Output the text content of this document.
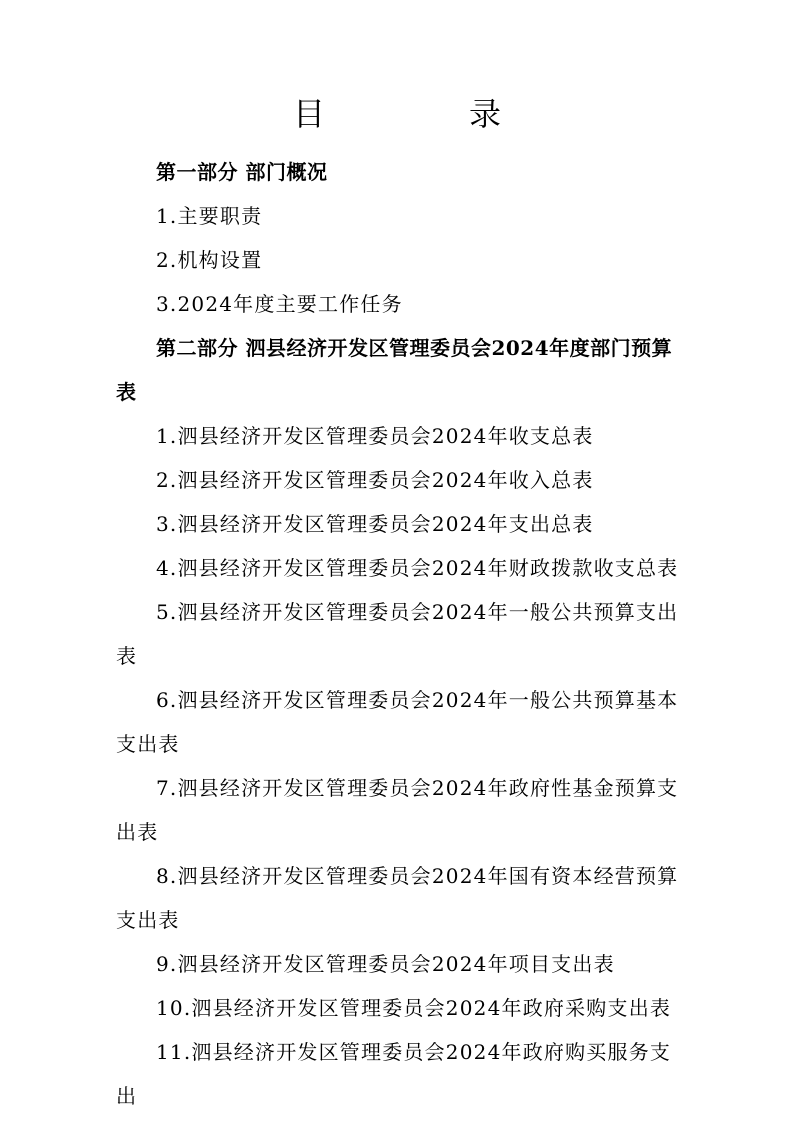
目　录
第一部分 部门概况
1.主要职责
2.机构设置
3.2024年度主要工作任务
第二部分 泗县经济开发区管理委员会2024年度部门预算表
1.泗县经济开发区管理委员会2024年收支总表
2.泗县经济开发区管理委员会2024年收入总表
3.泗县经济开发区管理委员会2024年支出总表
4.泗县经济开发区管理委员会2024年财政拨款收支总表
5.泗县经济开发区管理委员会2024年一般公共预算支出表
6.泗县经济开发区管理委员会2024年一般公共预算基本支出表
7.泗县经济开发区管理委员会2024年政府性基金预算支出表
8.泗县经济开发区管理委员会2024年国有资本经营预算支出表
9.泗县经济开发区管理委员会2024年项目支出表
10.泗县经济开发区管理委员会2024年政府采购支出表
11.泗县经济开发区管理委员会2024年政府购买服务支出
